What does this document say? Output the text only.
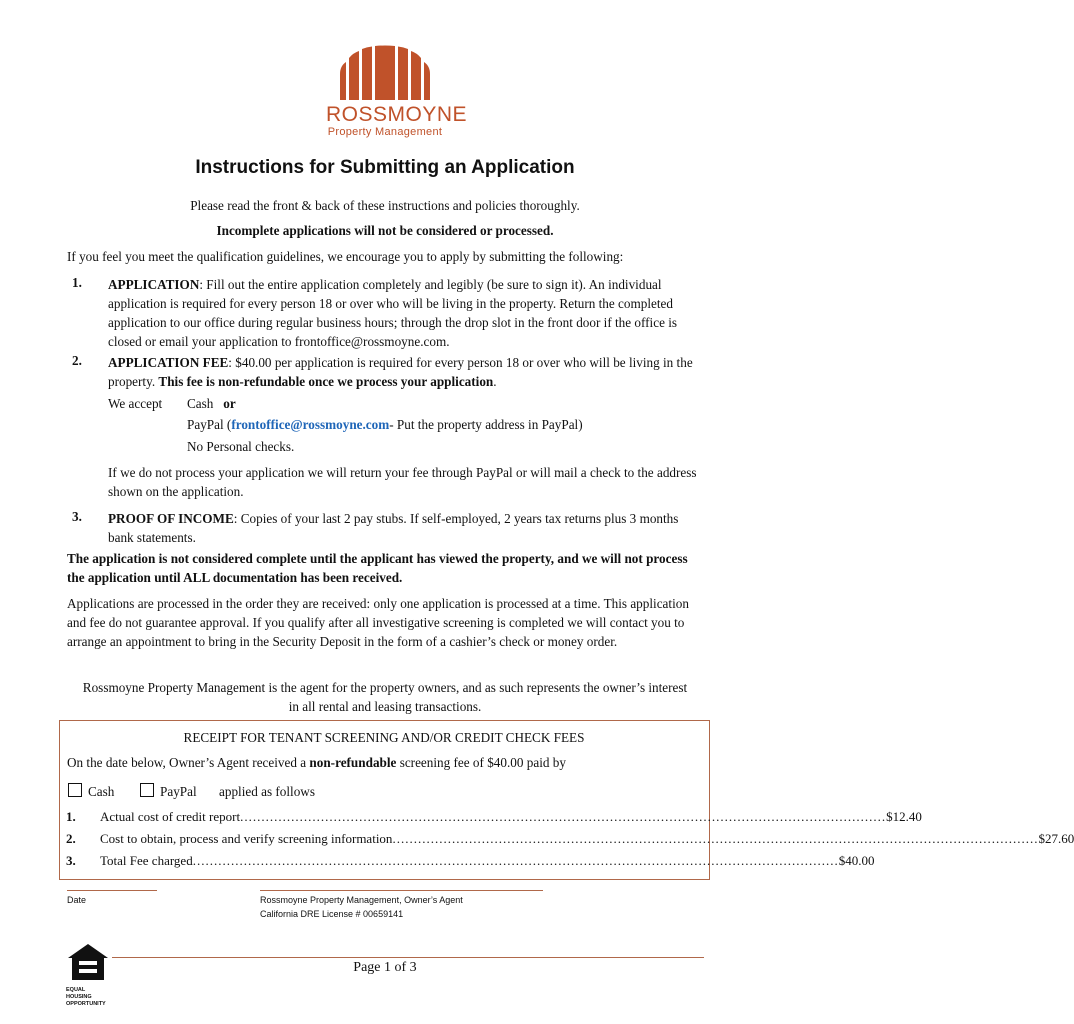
ROSSMOYNE
Property Management
Instructions for Submitting an Application
Please read the front & back of these instructions and policies thoroughly.
Incomplete applications will not be considered or processed.
If you feel you meet the qualification guidelines, we encourage you to apply by submitting the following:
1. APPLICATION: Fill out the entire application completely and legibly (be sure to sign it). An individual application is required for every person 18 or over who will be living in the property. Return the completed application to our office during regular business hours; through the drop slot in the front door if the office is closed or email your application to frontoffice@rossmoyne.com.
2. APPLICATION FEE: $40.00 per application is required for every person 18 or over who will be living in the property. This fee is non-refundable once we process your application.
We accept Cash or
PayPal (frontoffice@rossmoyne.com- Put the property address in PayPal)
No Personal checks.
If we do not process your application we will return your fee through PayPal or will mail a check to the address shown on the application.
3. PROOF OF INCOME: Copies of your last 2 pay stubs. If self-employed, 2 years tax returns plus 3 months bank statements.
The application is not considered complete until the applicant has viewed the property, and we will not process the application until ALL documentation has been received.
Applications are processed in the order they are received: only one application is processed at a time. This application and fee do not guarantee approval. If you qualify after all investigative screening is completed we will contact you to arrange an appointment to bring in the Security Deposit in the form of a cashier’s check or money order.
Rossmoyne Property Management is the agent for the property owners, and as such represents the owner’s interest in all rental and leasing transactions.
RECEIPT FOR TENANT SCREENING AND/OR CREDIT CHECK FEES
On the date below, Owner’s Agent received a non-refundable screening fee of $40.00 paid by
Cash	PayPal applied as follows
1. Actual cost of credit report ........................................................................................................................................................ $12.40
2. Cost to obtain, process and verify screening information ........................................................................................................................................................ $27.60
3. Total Fee charged ........................................................................................................................................................ $40.00
Date	Rossmoyne Property Management, Owner’s Agent
California DRE License # 00659141
EQUAL HOUSING
OPPORTUNITY
Page 1 of 3
